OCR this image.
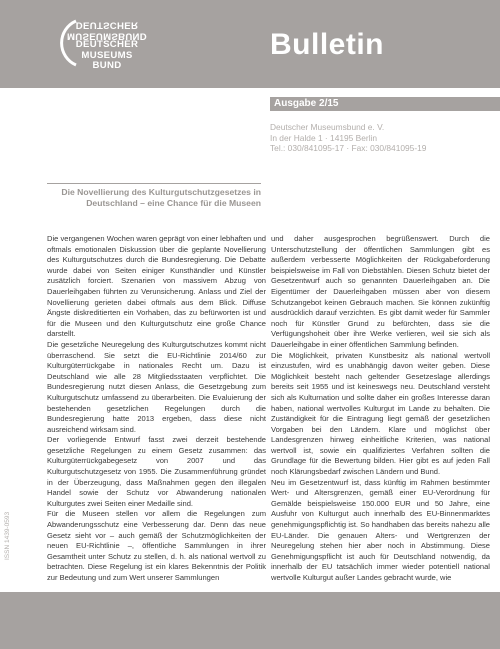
DEUTSCHER
MUSEUMSBUND
DEUTSCHER
MUSEUMS
BUND
Bulletin
Ausgabe 2/15
Deutscher Museumsbund e. V.
In der Halde 1 · 14195 Berlin
Tel.: 030/841095-17 · Fax: 030/841095-19
Die Novellierung des Kulturgutschutzgesetzes in Deutschland – eine Chance für die Museen

Die vergangenen Wochen waren geprägt von einer lebhaften und oftmals emotionalen Diskussion über die geplante Novellierung des Kulturgutschutzes durch die Bundesregierung. Die Debatte wurde dabei von Seiten einiger Kunsthändler und Künstler zusätzlich forciert. Szenarien von massivem Abzug von Dauerleihgaben führten zu Verunsicherung. Anlass und Ziel der Novellierung gerieten dabei oftmals aus dem Blick. Diffuse Ängste diskreditierten ein Vorhaben, das zu befürworten ist und für die Museen und den Kulturgutschutz eine große Chance darstellt.

Die gesetzliche Neuregelung des Kulturgutschutzes kommt nicht überraschend. Sie setzt die EU-Richtlinie 2014/60 zur Kulturgüterrückgabe in nationales Recht um. Dazu ist Deutschland wie alle 28 Mitgliedsstaaten verpflichtet. Die Bundesregierung nutzt diesen Anlass, die Gesetzgebung zum Kulturgutschutz umfassend zu überarbeiten. Die Evaluierung der bestehenden gesetzlichen Regelungen durch die Bundesregierung hatte 2013 ergeben, dass diese nicht ausreichend wirksam sind.

Der vorliegende Entwurf fasst zwei derzeit bestehende gesetzliche Regelungen zu einem Gesetz zusammen: das Kulturgüterrückgabegesetz von 2007 und das Kulturgutschutzgesetz von 1955. Die Zusammenführung gründet in der Überzeugung, dass Maßnahmen gegen den illegalen Handel sowie der Schutz vor Abwanderung nationalen Kulturgutes zwei Seiten einer Medaille sind.

Für die Museen stellen vor allem die Regelungen zum Abwanderungsschutz eine Verbesserung dar. Denn das neue Gesetz sieht vor – auch gemäß der Schutzmöglichkeiten der neuen EU-Richtlinie –, öffentliche Sammlungen in ihrer Gesamtheit unter Schutz zu stellen, d. h. als national wertvoll zu betrachten. Diese Regelung ist ein klares Bekenntnis der Politik zur Bedeutung und zum Wert unserer Sammlungen

und daher ausgesprochen begrüßenswert. Durch die Unterschutzstellung der öffentlichen Sammlungen gibt es außerdem verbesserte Möglichkeiten der Rückgabeforderung beispielsweise im Fall von Diebstählen. Diesen Schutz bietet der Gesetzentwurf auch so genannten Dauerleihgaben an. Die Eigentümer der Dauerleihgaben müssen aber von diesem Schutzangebot keinen Gebrauch machen. Sie können zukünftig ausdrücklich darauf verzichten. Es gibt damit weder für Sammler noch für Künstler Grund zu befürchten, dass sie die Verfügungshoheit über ihre Werke verlieren, weil sie sich als Dauerleihgabe in einer öffentlichen Sammlung befinden.

Die Möglichkeit, privaten Kunstbesitz als national wertvoll einzustufen, wird es unabhängig davon weiter geben. Diese Möglichkeit besteht nach geltender Gesetzeslage allerdings bereits seit 1955 und ist keineswegs neu. Deutschland versteht sich als Kulturnation und sollte daher ein großes Interesse daran haben, national wertvolles Kulturgut im Lande zu behalten. Die Zuständigkeit für die Eintragung liegt gemäß der gesetzlichen Vorgaben bei den Ländern. Klare und möglichst über Landesgrenzen hinweg einheitliche Kriterien, was national wertvoll ist, sowie ein qualifiziertes Verfahren sollten die Grundlage für die Bewertung bilden. Hier gibt es auf jeden Fall noch Klärungsbedarf zwischen Ländern und Bund.

Neu im Gesetzentwurf ist, dass künftig im Rahmen bestimmter Wert- und Altersgrenzen, gemäß einer EU-Verordnung für Gemälde beispielsweise 150.000 EUR und 50 Jahre, eine Ausfuhr von Kulturgut auch innerhalb des EU-Binnenmarktes genehmigungspflichtig ist. So handhaben das bereits nahezu alle EU-Länder. Die genauen Alters- und Wertgrenzen der Neuregelung stehen hier aber noch in Abstimmung. Diese Genehmigungspflicht ist auch für Deutschland notwendig, da innerhalb der EU tatsächlich immer wieder potentiell national wertvolle Kulturgut außer Landes gebracht wurde, wie

ISSN 1439-0593
